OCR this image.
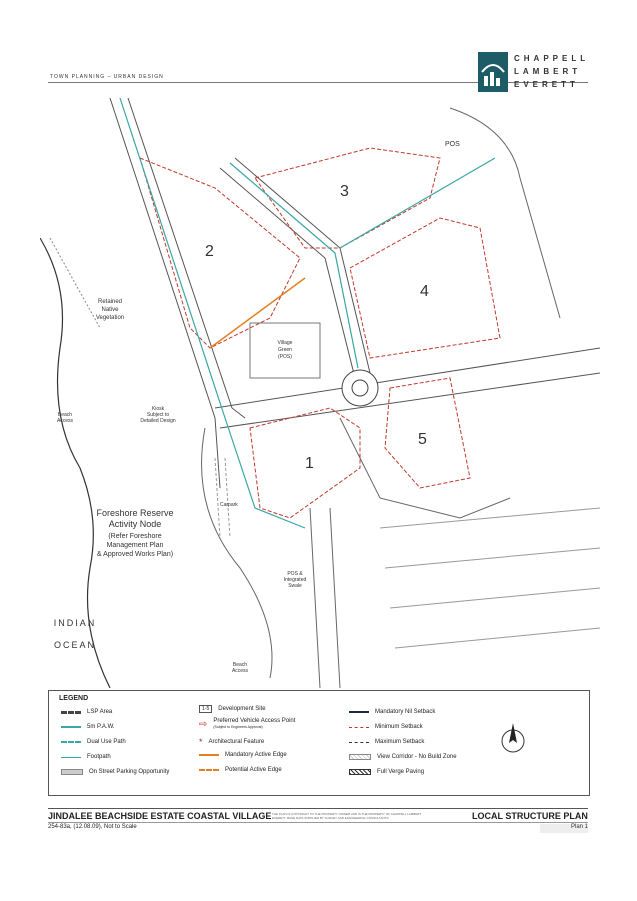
TOWN PLANNING – URBAN DESIGN
CHAPPELL
LAMBERT
EVERETT
1
2
3
4
5
POS
Retained
Native
Vegetation
Village
Green
(POS)
Kiosk
Subject to
Detailed Design
Beach
Access
Foreshore Reserve
Activity Node
(Refer Foreshore
Management Plan
& Approved Works Plan)
Carpark
POS &
Integrated
Swale
Beach
Access
INDIAN
OCEAN
LEGEND
LSP Area
5m P.A.W.
Dual Use Path
Footpath
On Street Parking Opportunity
1-5	Development Site
⇨ Preferred Vehicle Access Point
(Subject to Engineers Approval)
* Architectural Feature
Mandatory Active Edge
Potential Active Edge
Mandatory Nil Setback
Minimum Setback
Maximum Setback
View Corridor - No Build Zone
Full Verge Paving
JINDALEE BEACHSIDE ESTATE COASTAL VILLAGE THE PLAN IS COPYRIGHT TO THE PROPERTY OWNER AND IS THE PROPERTY OF CHAPPELL LAMBERT EVERETT. BASE DATA SUPPLIED BY SURVEY AND ENGINEERING CONSULTANTS.	LOCAL STRUCTURE PLAN
254-83a, (12.08.09), Not to Scale	Plan 1
